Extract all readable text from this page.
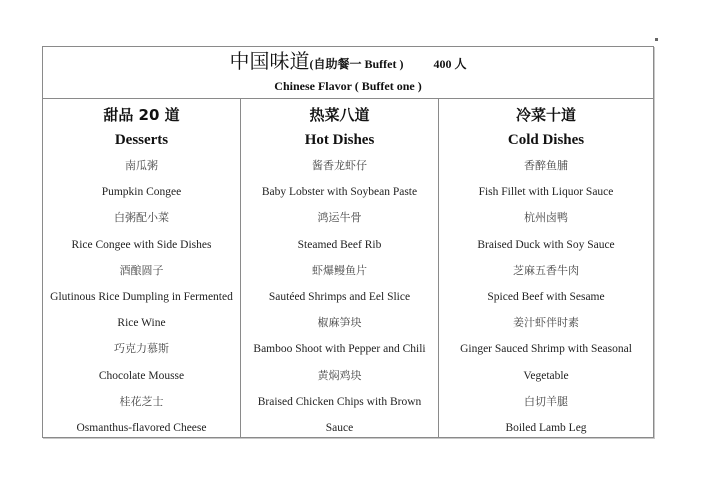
中国味道(自助餐一 Buffet )	400 人
Chinese Flavor ( Buffet one )
甜品 20 道
Desserts
南瓜粥
Pumpkin Congee
白粥配小菜
Rice Congee with Side Dishes
酒酿圆子
Glutinous Rice Dumpling in Fermented
Rice Wine
巧克力慕斯
Chocolate Mousse
桂花芝士
Osmanthus-flavored Cheese
热菜八道
Hot Dishes
酱香龙虾仔
Baby Lobster with Soybean Paste
鸿运牛骨
Steamed Beef Rib
虾爆鳗鱼片
Sautéed Shrimps and Eel Slice
椒麻笋块
Bamboo Shoot with Pepper and Chili
黄焖鸡块
Braised Chicken Chips with Brown
Sauce
冷菜十道
Cold Dishes
香醉鱼脯
Fish Fillet with Liquor Sauce
杭州卤鸭
Braised Duck with Soy Sauce
芝麻五香牛肉
Spiced Beef with Sesame
姜汁虾伴时素
Ginger Sauced Shrimp with Seasonal
Vegetable
白切羊腿
Boiled Lamb Leg
